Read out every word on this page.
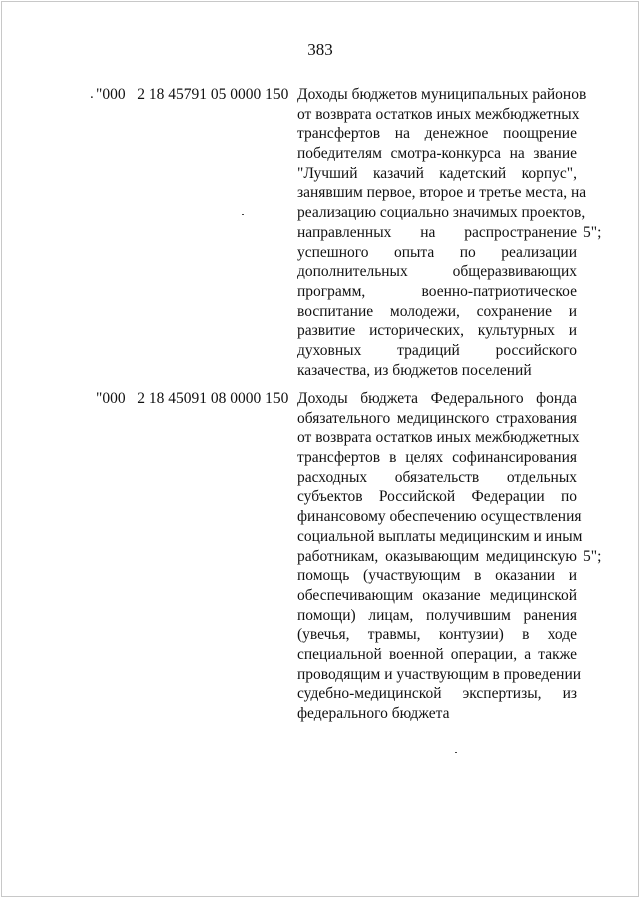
383
. "000   2 18 45791 05 0000 150 Доходы бюджетов муниципальных районов
от возврата остатков иных межбюджетных
трансфертов на денежное поощрение
победителям смотра-конкурса на звание
"Лучший казачий кадетский корпус",
занявшим первое, второе и третье места, на
реализацию социально значимых проектов,
направленных на распространение
успешного опыта по реализации
дополнительных общеразвивающих
программ, военно-патриотическое
воспитание молодежи, сохранение и
развитие исторических, культурных и
духовных традиций российского
казачества, из бюджетов поселений
5";
"000   2 18 45091 08 0000 150 Доходы бюджета Федерального фонда
обязательного медицинского страхования
от возврата остатков иных межбюджетных
трансфертов в целях софинансирования
расходных обязательств отдельных
субъектов Российской Федерации по
финансовому обеспечению осуществления
социальной выплаты медицинским и иным
работникам, оказывающим медицинскую
помощь (участвующим в оказании и
обеспечивающим оказание медицинской
помощи) лицам, получившим ранения
(увечья, травмы, контузии) в ходе
специальной военной операции, а также
проводящим и участвующим в проведении
судебно-медицинской экспертизы, из
федерального бюджета
5";
